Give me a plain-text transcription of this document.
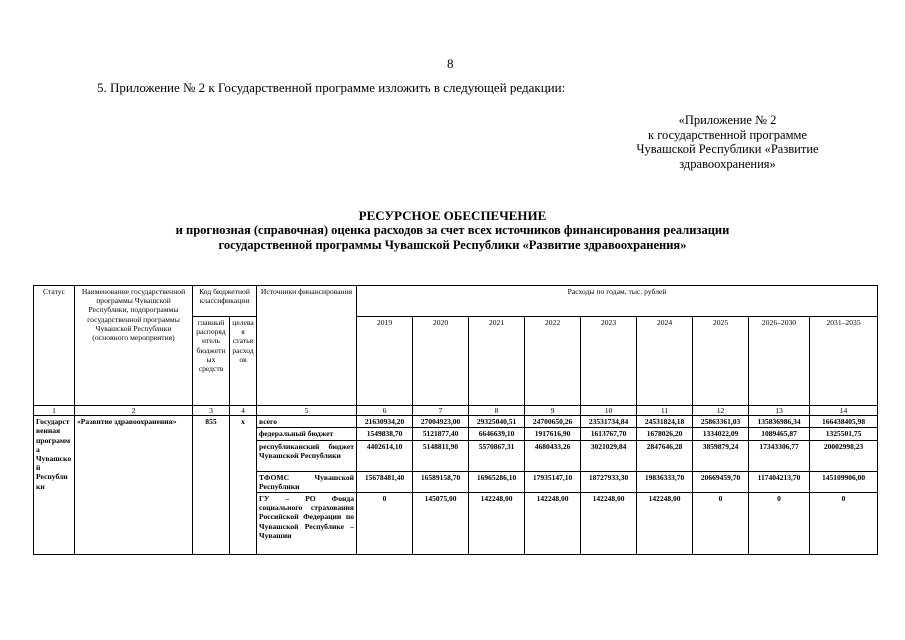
8
5. Приложение № 2 к Государственной программе изложить в следующей редакции:
«Приложение № 2
к государственной программе
Чувашской Республики «Развитие
здравоохранения»
РЕСУРСНОЕ ОБЕСПЕЧЕНИЕ
и прогнозная (справочная) оценка расходов за счет всех источников финансирования реализации
государственной программы Чувашской Республики «Развитие здравоохранения»
Статус	Наименование государственной программы Чувашской Республики, подпрограммы государственной программы Чувашской Республики (основного мероприятия)	Код бюджетной классификации		Источники финансирования	Расходы по годам, тыс. рублей								
		главный распорядитель бюджетных средств	целевая статья расходов		2019	2020	2021	2022	2023	2024	2025	2026–2030	2031–2035
1	2	3	4	5	6	7	8	9	10	11	12	13	14
Государственная программа Чувашской Республики	«Развитие здравоохранения»	855	х	всего	21630934,20	27004923,00	29325040,51	24700650,26	23531734,84	24531824,18	25863361,03	135836986,34	166438405,98
				федеральный бюджет	1549838,70	5121877,40	6646639,10	1917616,90	1613767,70	1678026,20	1334022,09	1089465,87	1325501,75
				республиканский бюджет Чувашской Республики	4402614,10	5148811,90	5570867,31	4680433,26	3021029,84	2847646,28	3859879,24	17343306,77	20002998,23
				ТФОМС Чувашской Республики	15678481,40	16589158,70	16965286,10	17935147,10	18727933,30	19836333,70	20669459,70	117404213,70	145109906,00
				ГУ – РО Фонда социального страхования Российской Федерации по Чувашской Республике – Чувашии	0	145075,00	142248,00	142248,00	142248,00	142248,00	0	0	0
